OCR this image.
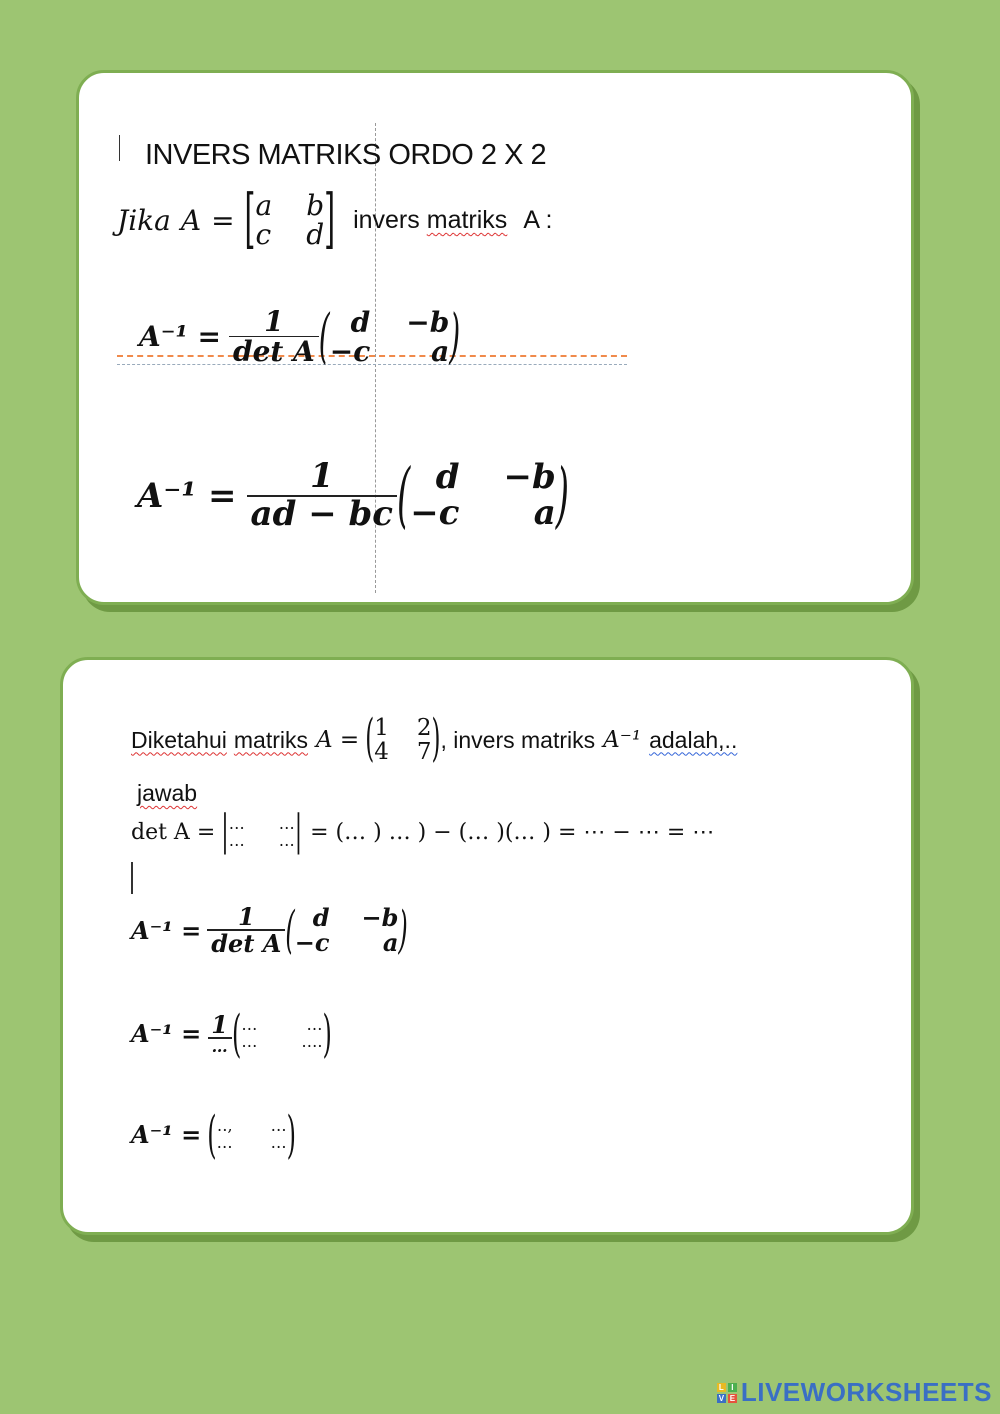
INVERS MATRIKS ORDO 2 X 2
Jika A = [ a b
c d ] invers matriks A :
$A^{-1} = \frac{1}{\text{det A}}$ ( d −b
−c	a )
$A^{-1} = \frac{1}{ad - bc}$ ( d −b
−c	a )
Diketahui matriks A = ( 1 2
4 7 ) , invers matriks A⁻¹ adalah,..
jawab
det A = | … …
… … | = (… ) … ) − (… )(… ) = ⋯ − ⋯ = ⋯
$A^{-1} = \frac{1}{\text{det A}}$ ( d −b
−c	a )
$A^{-1} = \frac{1}{\dots}$ ( …	…
…	…. )
A⁻¹ = ( ‥, …
… … )
L I
V E LIVEWORKSHEETS
